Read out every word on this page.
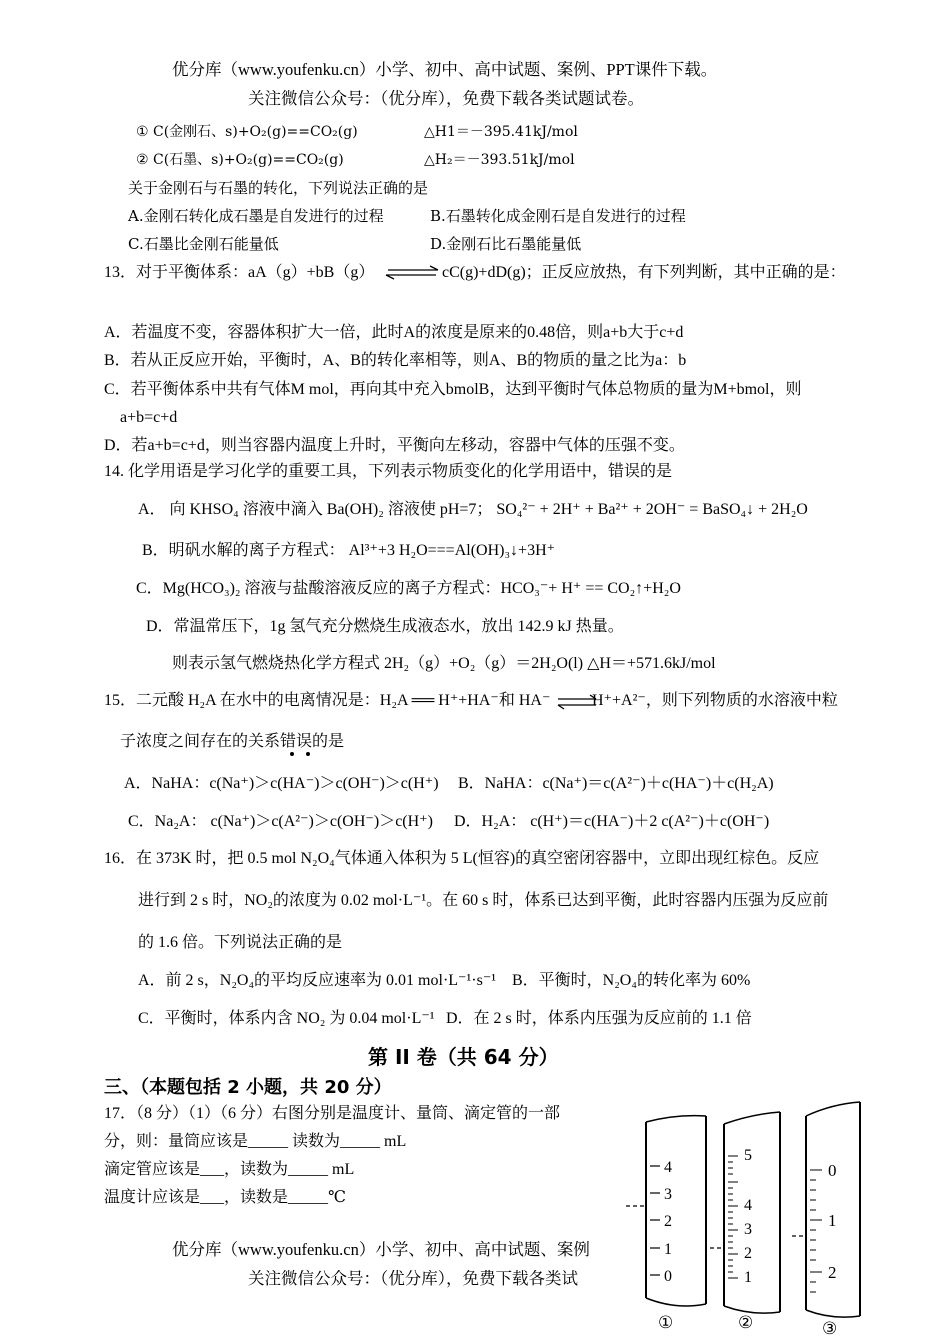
优分库（www.youfenku.cn）小学、初中、高中试题、案例、PPT课件下载。
关注微信公众号：（优分库），免费下载各类试题试卷。
① C(金刚石、s)+O₂(g)==CO₂(g)	△H1＝－395.41kJ/mol
② C(石墨、s)+O₂(g)==CO₂(g)	△H₂＝－393.51kJ/mol
关于金刚石与石墨的转化，下列说法正确的是
A.金刚石转化成石墨是自发进行的过程	B.石墨转化成金刚石是自发进行的过程
C.石墨比金刚石能量低	D.金刚石比石墨能量低
13．对于平衡体系：aA（g）+bB（g） ⇌ cC(g)+dD(g)；正反应放热，有下列判断，其中正确的是：
A．若温度不变，容器体积扩大一倍，此时A的浓度是原来的0.48倍，则a+b大于c+d
B．若从正反应开始，平衡时，A、B的转化率相等，则A、B的物质的量之比为a：b
C．若平衡体系中共有气体M mol，再向其中充入bmolB，达到平衡时气体总物质的量为M+bmol，则
a+b=c+d
D．若a+b=c+d，则当容器内温度上升时，平衡向左移动，容器中气体的压强不变。
14. 化学用语是学习化学的重要工具，下列表示物质变化的化学用语中，错误的是
A． 向 KHSO₄ 溶液中滴入 Ba(OH)₂ 溶液使 pH=7； SO₄²⁻ + 2H⁺ + Ba²⁺ + 2OH⁻ = BaSO₄↓ + 2H₂O
B．明矾水解的离子方程式： Al³⁺+3 H₂O===Al(OH)₃↓+3H⁺
C．Mg(HCO₃)₂ 溶液与盐酸溶液反应的离子方程式：HCO₃⁻+ H⁺ == CO₂↑+H₂O
D．常温常压下，1g 氢气充分燃烧生成液态水，放出 142.9 kJ 热量。
则表示氢气燃烧热化学方程式 2H₂（g）+O₂（g）＝2H₂O(l) △H＝+571.6kJ/mol
15．二元酸 H₂A 在水中的电离情况是：H₂A ══ H⁺+HA⁻和 HA⁻ ⇌
H⁺+A²⁻，则下列物质的水溶液中粒
子浓度之间存在的关系错误的是
A．NaHA：c(Na⁺)＞c(HA⁻)＞c(OH⁻)＞c(H⁺) B．NaHA：c(Na⁺)＝c(A²⁻)＋c(HA⁻)＋c(H₂A)
C．Na₂A： c(Na⁺)＞c(A²⁻)＞c(OH⁻)＞c(H⁺) D．H₂A： c(H⁺)＝c(HA⁻)＋2 c(A²⁻)＋c(OH⁻)
16．在 373K 时，把 0.5 mol N₂O₄气体通入体积为 5 L(恒容)的真空密闭容器中，立即出现红棕色。反应
进行到 2 s 时，NO₂的浓度为 0.02 mol·L⁻¹。在 60 s 时，体系已达到平衡，此时容器内压强为反应前
的 1.6 倍。下列说法正确的是
A．前 2 s，N₂O₄的平均反应速率为 0.01 mol·L⁻¹·s⁻¹ B．平衡时，N₂O₄的转化率为 60%
C．平衡时，体系内含 NO₂ 为 0.04 mol·L⁻¹ D．在 2 s 时，体系内压强为反应前的 1.1 倍
第 II 卷（共 64 分）
三、（本题包括 2 小题，共 20 分）
17．（8 分）（1）（6 分）右图分别是温度计、量筒、滴定管的一部
分，则：量筒应该是_____ 读数为_____ mL
滴定管应该是___，读数为_____ mL
温度计应该是___，读数是_____℃
4
3
2
1
0
①
5
4
3
2
1
②
0
1
2
③
优分库（www.youfenku.cn）小学、初中、高中试题、案例
关注微信公众号：（优分库），免费下载各类试
